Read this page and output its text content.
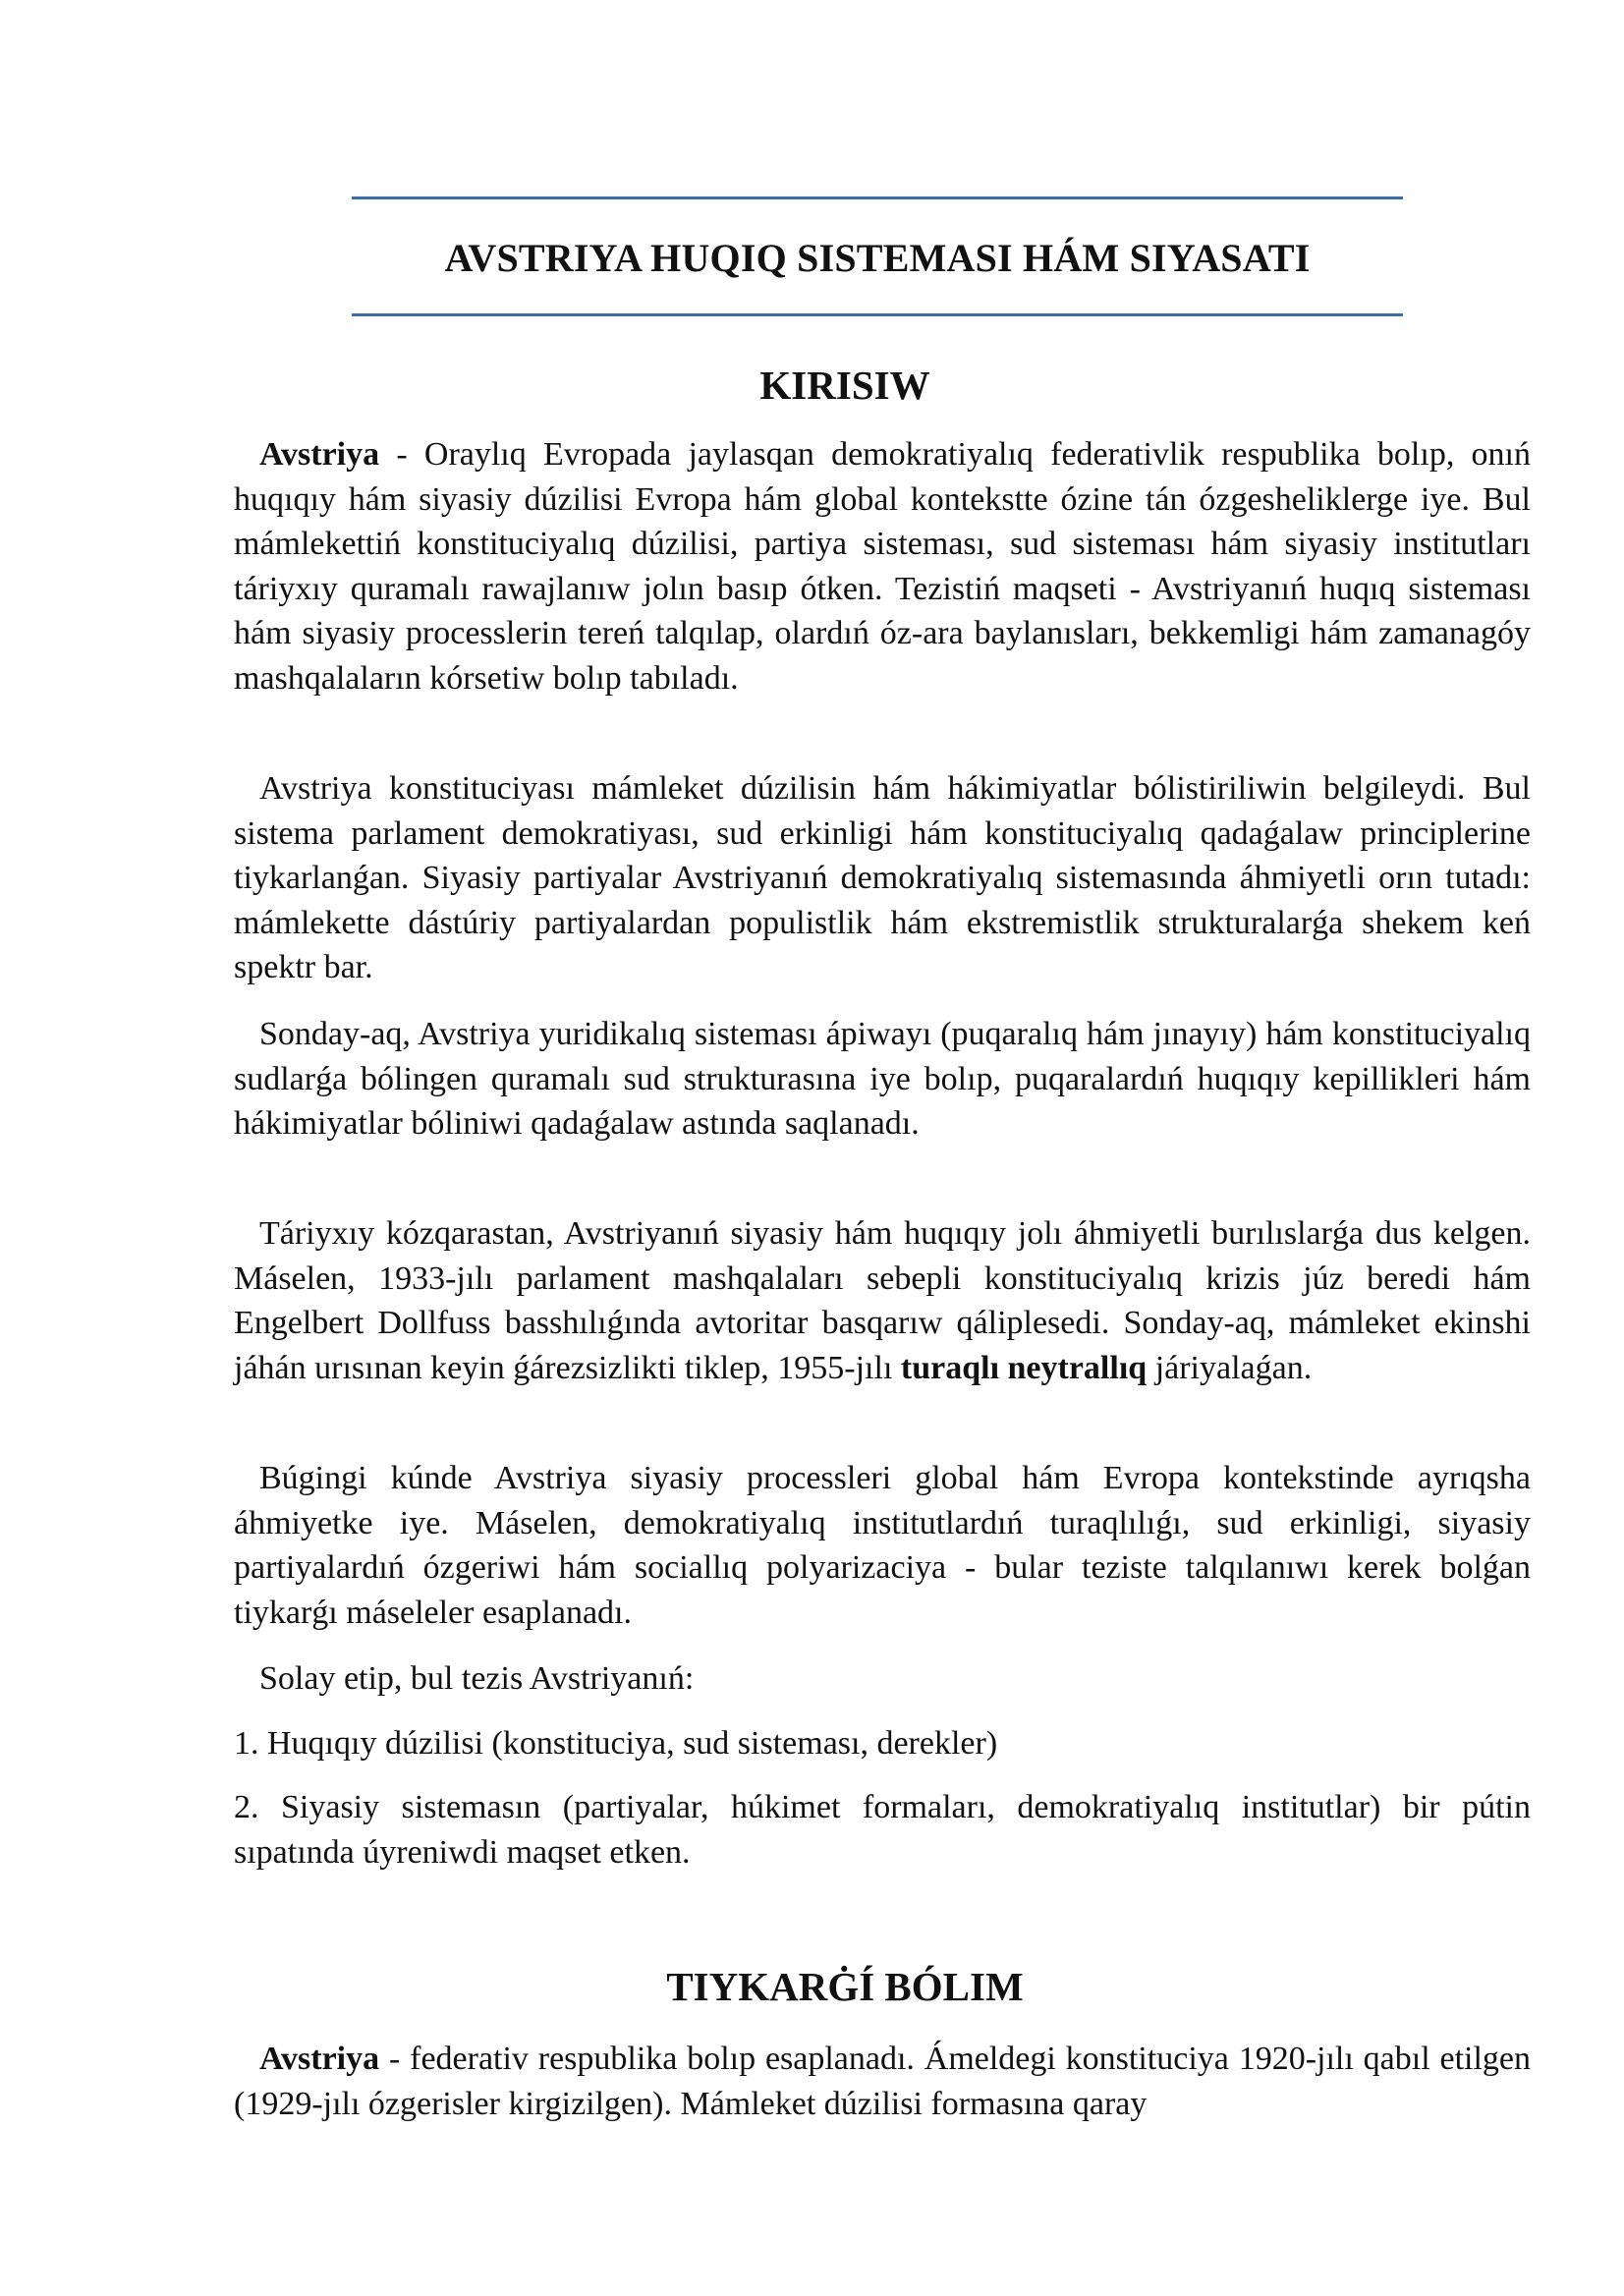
AVSTRIYA HUQIQ SISTEMASI HÁM SIYASATI
KIRISIW

Avstriya - Oraylıq Evropada jaylasqan demokratiyalıq federativlik respublika bolıp, onıń huqıqıy hám siyasiy dúzilisi Evropa hám global kontekstte ózine tán ózgesheliklerge iye. Bul mámlekettiń konstituciyalıq dúzilisi, partiya sisteması, sud sisteması hám siyasiy institutları táriyxıy quramalı rawajlanıw jolın basıp ótken. Tezistiń maqseti - Avstriyanıń huqıq sisteması hám siyasiy processlerin tereń talqılap, olardıń óz-ara baylanısları, bekkemligi hám zamanagóy mashqalaların kórsetiw bolıp tabıladı.

Avstriya konstituciyası mámleket dúzilisin hám hákimiyatlar bólistiriliwin belgileydi. Bul sistema parlament demokratiyası, sud erkinligi hám konstituciyalıq qadaǵalaw principlerine tiykarlanǵan. Siyasiy partiyalar Avstriyanıń demokratiyalıq sistemasında áhmiyetli orın tutadı: mámlekette dástúriy partiyalardan populistlik hám ekstremistlik strukturalarǵa shekem keń spektr bar.

Sonday-aq, Avstriya yuridikalıq sisteması ápiwayı (puqaralıq hám jınayıy) hám konstituciyalıq sudlarǵa bólingen quramalı sud strukturasına iye bolıp, puqaralardıń huqıqıy kepillikleri hám hákimiyatlar bóliniwi qadaǵalaw astında saqlanadı.

Táriyxıy kózqarastan, Avstriyanıń siyasiy hám huqıqıy jolı áhmiyetli burılıslarǵa dus kelgen. Máselen, 1933-jılı parlament mashqalaları sebepli konstituciyalıq krizis júz beredi hám Engelbert Dollfuss basshılıǵında avtoritar basqarıw qáliplesedi. Sonday-aq, mámleket ekinshi jáhán urısınan keyin ǵárezsizlikti tiklep, 1955-jılı turaqlı neytrallıq járiyalaǵan.

Búgingi kúnde Avstriya siyasiy processleri global hám Evropa kontekstinde ayrıqsha áhmiyetke iye. Máselen, demokratiyalıq institutlardıń turaqlılıǵı, sud erkinligi, siyasiy partiyalardıń ózgeriwi hám sociallıq polyarizaciya - bular teziste talqılanıwı kerek bolǵan tiykarǵı máseleler esaplanadı.

Solay etip, bul tezis Avstriyanıń:

1. Huqıqıy dúzilisi (konstituciya, sud sisteması, derekler)

2. Siyasiy sistemasın (partiyalar, húkimet formaları, demokratiyalıq institutlar) bir pútin sıpatında úyreniwdi maqset etken.

TIYKARĠÍ BÓLIM

Avstriya - federativ respublika bolıp esaplanadı. Ámeldegi konstituciya 1920-jılı qabıl etilgen (1929-jılı ózgerisler kirgizilgen). Mámleket dúzilisi formasına qaray
